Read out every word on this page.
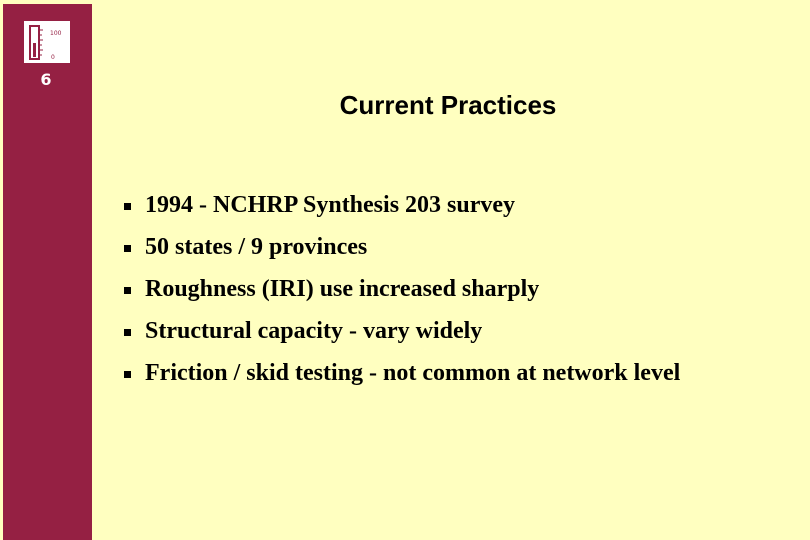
100
0
6
Current Practices
1994 - NCHRP Synthesis 203 survey
50 states / 9 provinces
Roughness (IRI) use increased sharply
Structural capacity - vary widely
Friction / skid testing - not common at network level
